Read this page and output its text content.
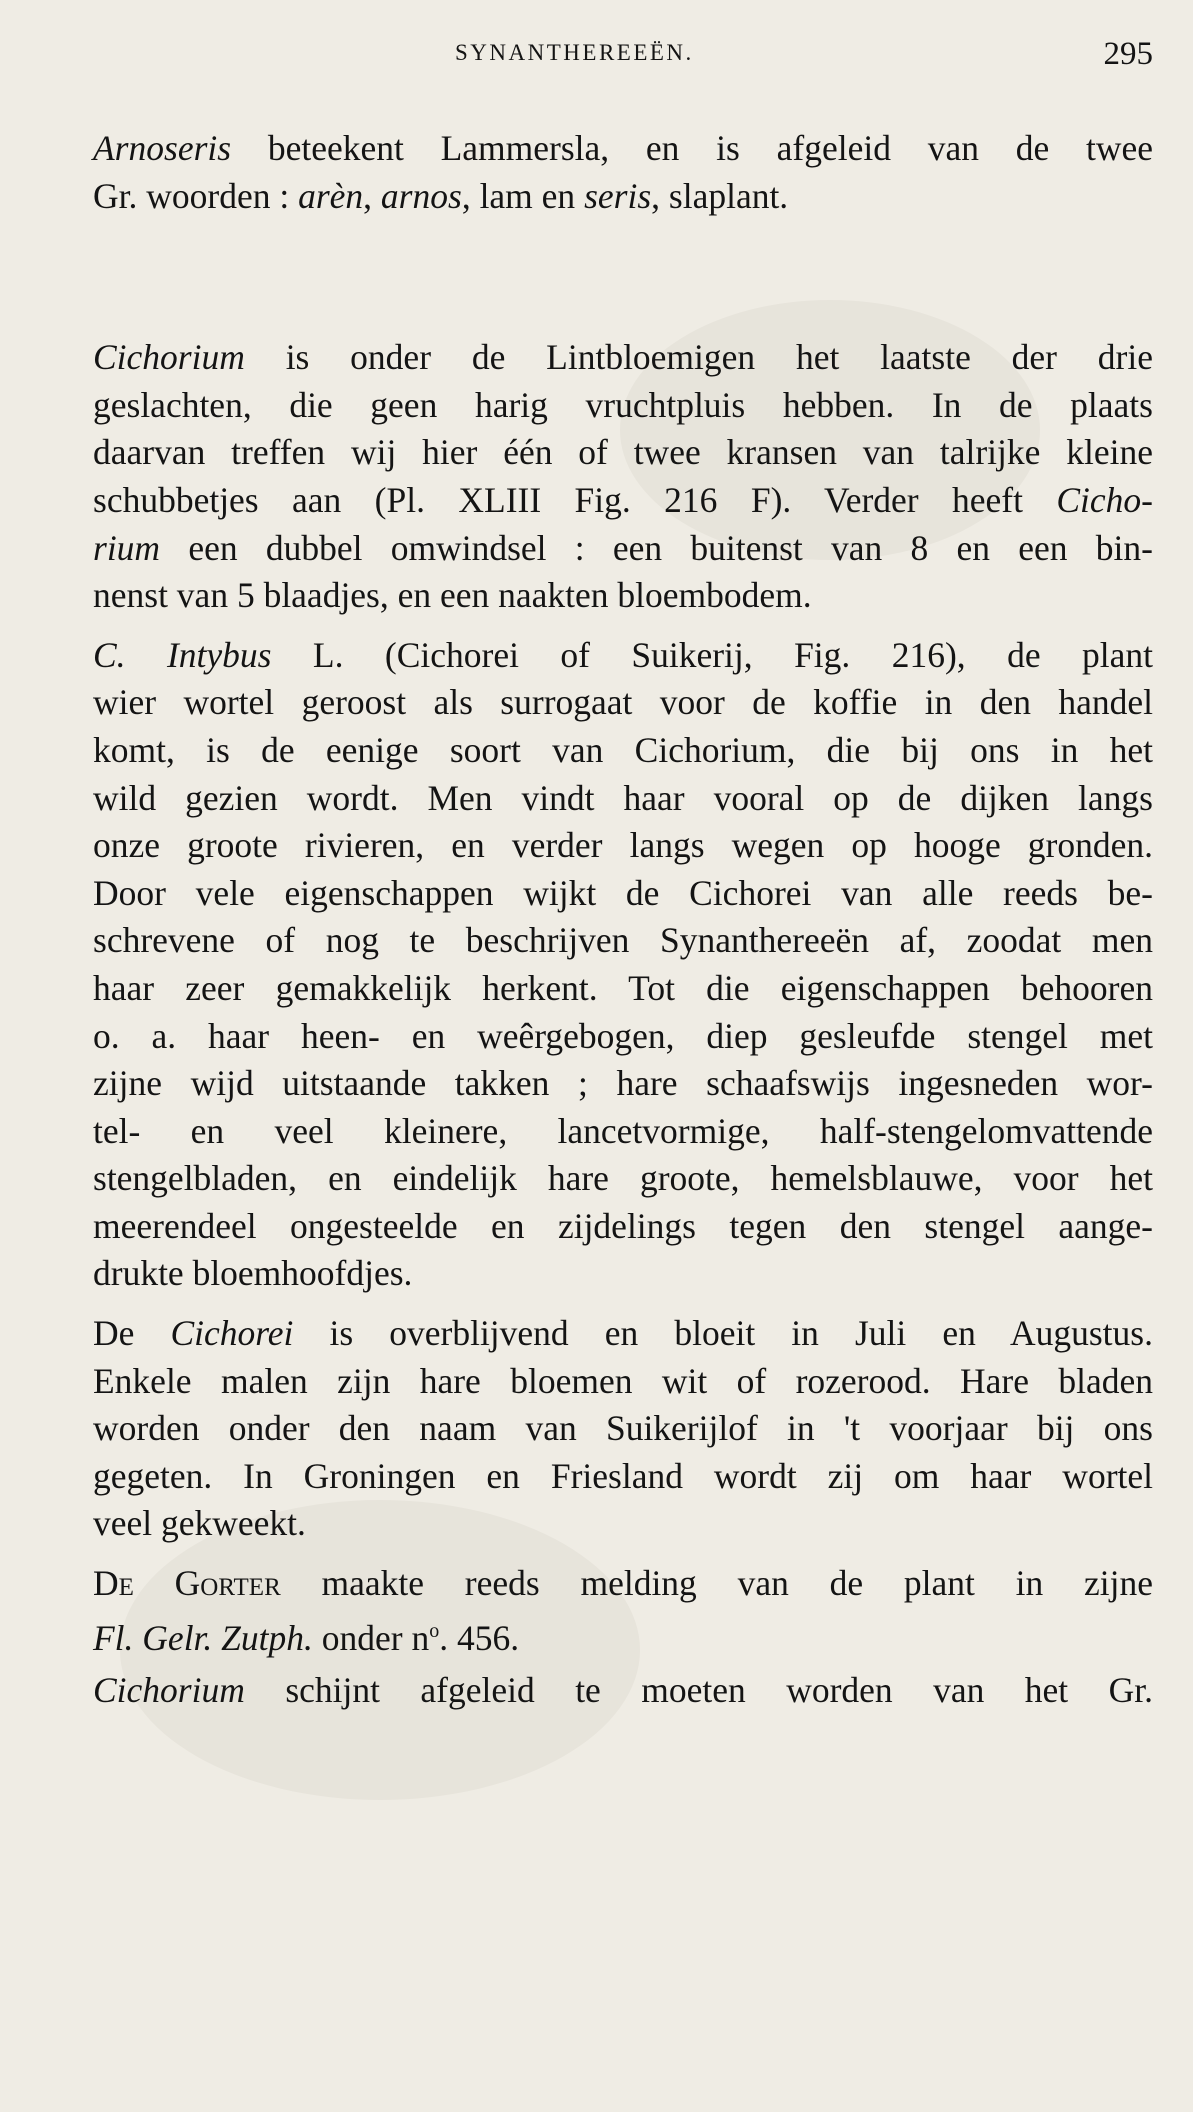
SYNANTHEREEËN.	295
Arnoseris beteekent Lammersla, en is afgeleid van de twee
Gr. woorden : arèn, arnos, lam en seris, slaplant.
Cichorium is onder de Lintbloemigen het laatste der drie
geslachten, die geen harig vruchtpluis hebben. In de plaats
daarvan treffen wij hier één of twee kransen van talrijke kleine
schubbetjes aan (Pl. XLIII Fig. 216 F). Verder heeft Cicho-
rium een dubbel omwindsel : een buitenst van 8 en een bin-
nenst van 5 blaadjes, en een naakten bloembodem.
C. Intybus L. (Cichorei of Suikerij, Fig. 216), de plant
wier wortel geroost als surrogaat voor de koffie in den handel
komt, is de eenige soort van Cichorium, die bij ons in het
wild gezien wordt. Men vindt haar vooral op de dijken langs
onze groote rivieren, en verder langs wegen op hooge gronden.
Door vele eigenschappen wijkt de Cichorei van alle reeds be-
schrevene of nog te beschrijven Synanthereeën af, zoodat men
haar zeer gemakkelijk herkent. Tot die eigenschappen behooren
o. a. haar heen- en weêrgebogen, diep gesleufde stengel met
zijne wijd uitstaande takken ; hare schaafswijs ingesneden wor-
tel- en veel kleinere, lancetvormige, half-stengelomvattende
stengelbladen, en eindelijk hare groote, hemelsblauwe, voor het
meerendeel ongesteelde en zijdelings tegen den stengel aange-
drukte bloemhoofdjes.
De Cichorei is overblijvend en bloeit in Juli en Augustus.
Enkele malen zijn hare bloemen wit of rozerood. Hare bladen
worden onder den naam van Suikerijlof in 't voorjaar bij ons
gegeten. In Groningen en Friesland wordt zij om haar wortel
veel gekweekt.
De Gorter maakte reeds melding van de plant in zijne
Fl. Gelr. Zutph. onder $n^o$. 456.
Cichorium schijnt afgeleid te moeten worden van het Gr.
